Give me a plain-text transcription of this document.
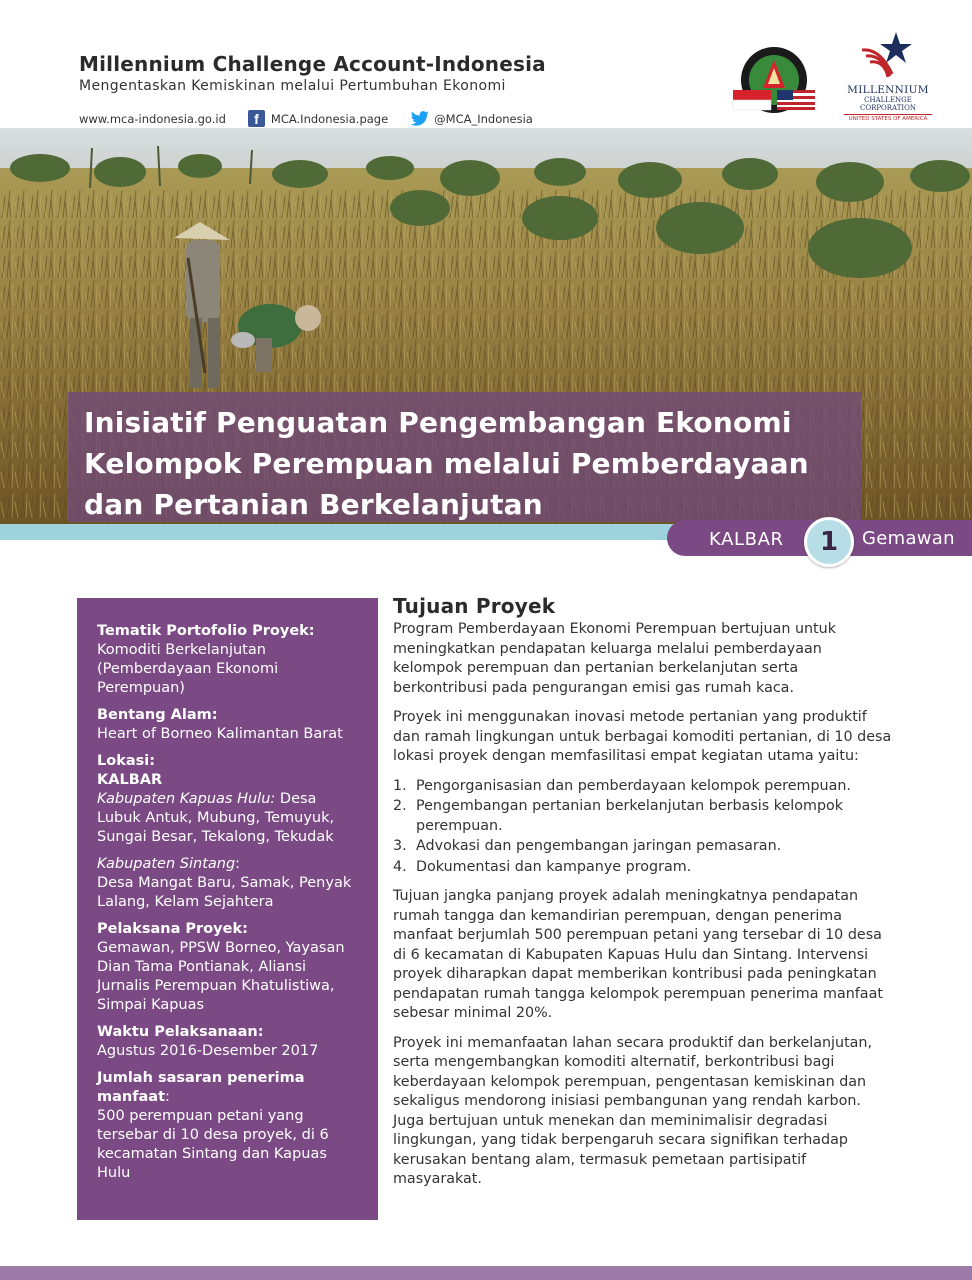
Millennium Challenge Account-Indonesia
Mengentaskan Kemiskinan melalui Pertumbuhan Ekonomi
www.mca-indonesia.go.id	f	MCA.Indonesia.page	@MCA_Indonesia
MILLENNIUM
CHALLENGE CORPORATION
UNITED STATES OF AMERICA
Inisiatif Penguatan Pengembangan Ekonomi
Kelompok Perempuan melalui Pemberdayaan
dan Pertanian Berkelanjutan
KALBAR	1	Gemawan
Tematik Portofolio Proyek:
Komoditi Berkelanjutan (Pemberdayaan Ekonomi Perempuan)
Bentang Alam:
Heart of Borneo Kalimantan Barat
Lokasi:
KALBAR
Kabupaten Kapuas Hulu: Desa Lubuk Antuk, Mubung, Temuyuk, Sungai Besar, Tekalong, Tekudak
Kabupaten Sintang:
Desa Mangat Baru, Samak, Penyak Lalang, Kelam Sejahtera
Pelaksana Proyek:
Gemawan, PPSW Borneo, Yayasan Dian Tama Pontianak, Aliansi Jurnalis Perempuan Khatulistiwa, Simpai Kapuas
Waktu Pelaksanaan:
Agustus 2016-Desember 2017
Jumlah sasaran penerima manfaat:
500 perempuan petani yang tersebar di 10 desa proyek, di 6 kecamatan Sintang dan Kapuas Hulu
Tujuan Proyek

Program Pemberdayaan Ekonomi Perempuan bertujuan untuk meningkatkan pendapatan keluarga melalui pemberdayaan kelompok perempuan dan pertanian berkelanjutan serta berkontribusi pada pengurangan emisi gas rumah kaca.

Proyek ini menggunakan inovasi metode pertanian yang produktif dan ramah lingkungan untuk berbagai komoditi pertanian, di 10 desa lokasi proyek dengan memfasilitasi empat kegiatan utama yaitu:

1. Pengorganisasian dan pemberdayaan kelompok perempuan.
2. Pengembangan pertanian berkelanjutan berbasis kelompok perempuan.
3. Advokasi dan pengembangan jaringan pemasaran.
4. Dokumentasi dan kampanye program.

Tujuan jangka panjang proyek adalah meningkatnya pendapatan rumah tangga dan kemandirian perempuan, dengan penerima manfaat berjumlah 500 perempuan petani yang tersebar di 10 desa di 6 kecamatan di Kabupaten Kapuas Hulu dan Sintang. Intervensi proyek diharapkan dapat memberikan kontribusi pada peningkatan pendapatan rumah tangga kelompok perempuan penerima manfaat sebesar minimal 20%.

Proyek ini memanfaatan lahan secara produktif dan berkelanjutan, serta mengembangkan komoditi alternatif, berkontribusi bagi keberdayaan kelompok perempuan, pengentasan kemiskinan dan sekaligus mendorong inisiasi pembangunan yang rendah karbon. Juga bertujuan untuk menekan dan meminimalisir degradasi lingkungan, yang tidak berpengaruh secara signifikan terhadap kerusakan bentang alam, termasuk pemetaan partisipatif masyarakat.
